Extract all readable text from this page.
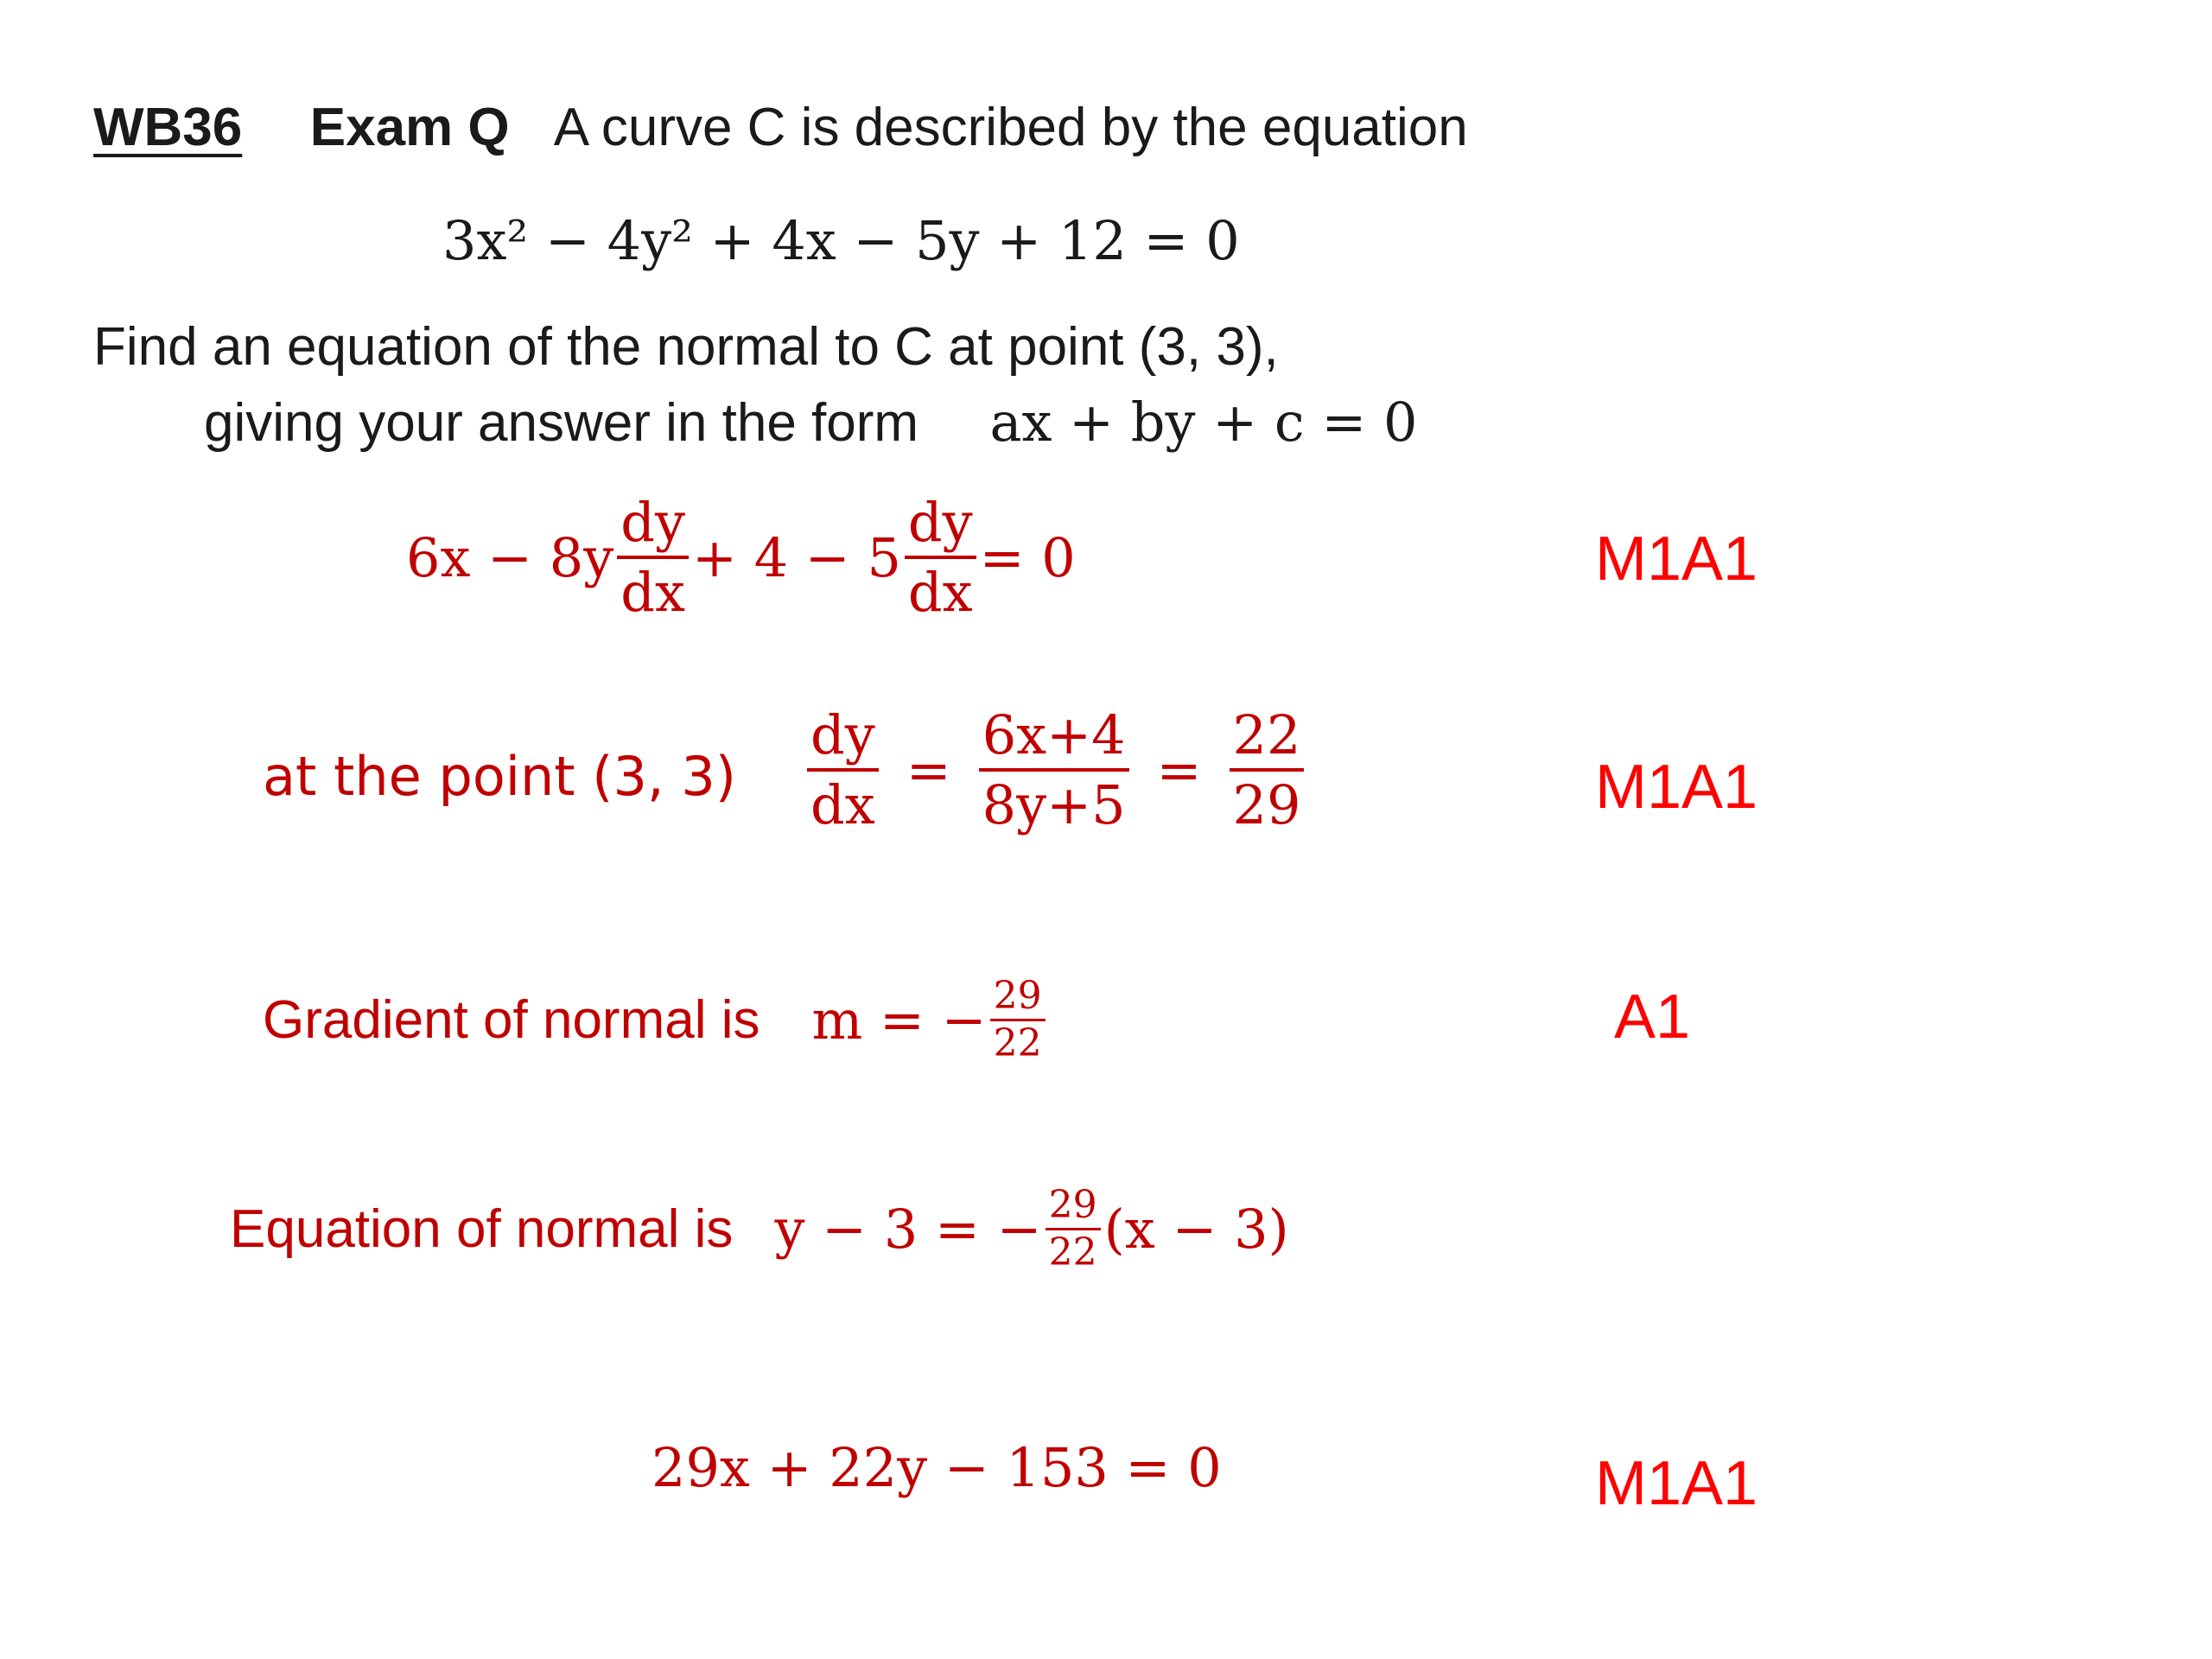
WB36 Exam Q A curve C is described by the equation
3x² − 4y² + 4x − 5y + 12 = 0
Find an equation of the normal to C at point (3, 3),
giving your answer in the form ax + by + c = 0
$6x - 8y \frac{dy}{dx} + 4 - 5 \frac{dy}{dx} = 0$	M1A1
at the point (3, $3) \frac{dy}{dx} = \frac{6x+4}{8y+5} = \frac{22}{29}$	M1A1
Gradient of normal is m = − $\frac{29}{22}$	A1
Equation of normal is y − 3 = − $\frac{29}{22} (x - 3)$
29x + 22y − 153 = 0	M1A1
